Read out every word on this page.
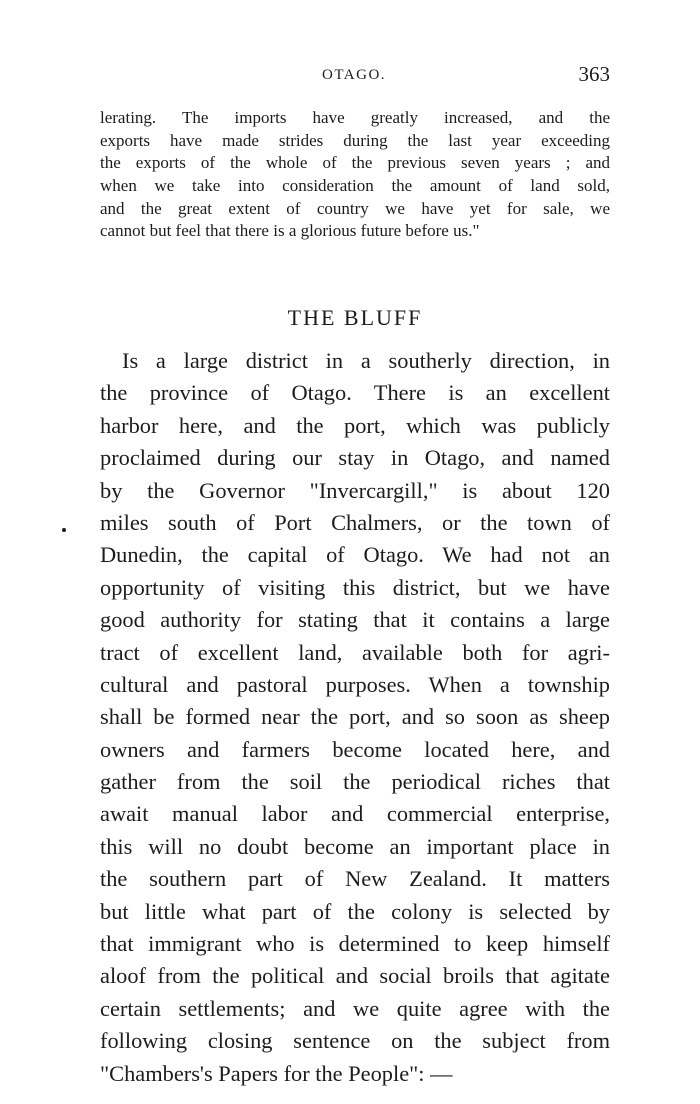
OTAGO.	363
lerating. The imports have greatly increased, and the
exports have made strides during the last year exceeding
the exports of the whole of the previous seven years ; and
when we take into consideration the amount of land sold,
and the great extent of country we have yet for sale, we
cannot but feel that there is a glorious future before us."
THE BLUFF
Is a large district in a southerly direction, in
the province of Otago. There is an excellent
harbor here, and the port, which was publicly
proclaimed during our stay in Otago, and named
by the Governor "Invercargill," is about 120
miles south of Port Chalmers, or the town of
Dunedin, the capital of Otago. We had not an
opportunity of visiting this district, but we have
good authority for stating that it contains a large
tract of excellent land, available both for agri-
cultural and pastoral purposes. When a township
shall be formed near the port, and so soon as sheep
owners and farmers become located here, and
gather from the soil the periodical riches that
await manual labor and commercial enterprise,
this will no doubt become an important place in
the southern part of New Zealand. It matters
but little what part of the colony is selected by
that immigrant who is determined to keep himself
aloof from the political and social broils that agitate
certain settlements; and we quite agree with the
following closing sentence on the subject from
"Chambers's Papers for the People": —
